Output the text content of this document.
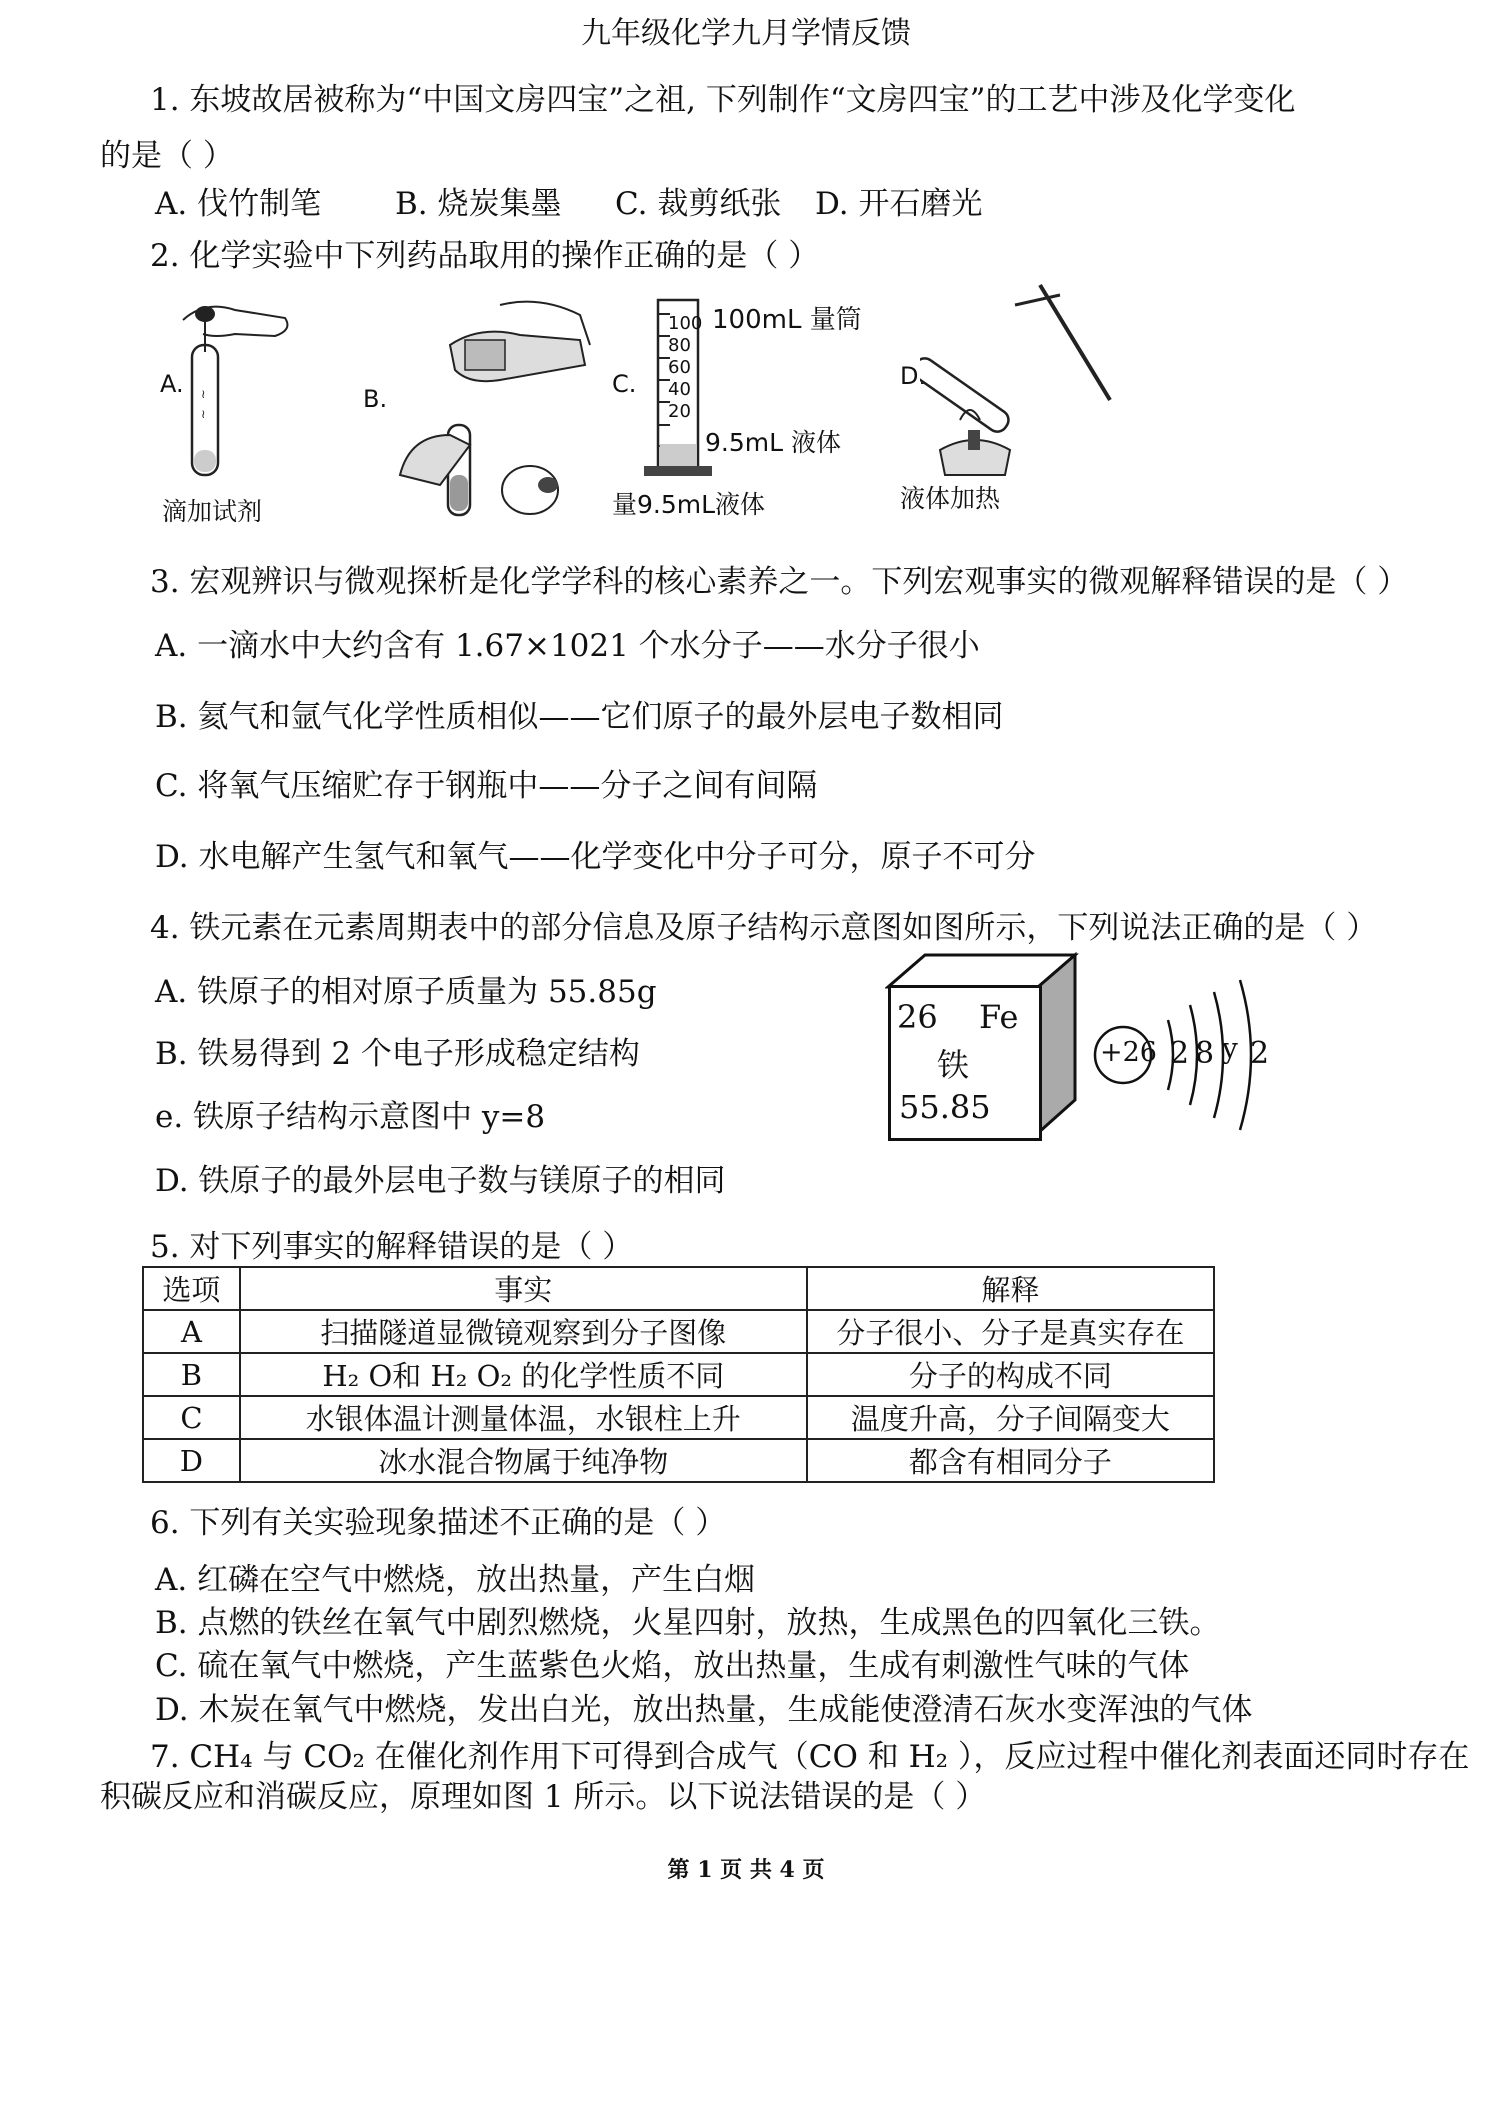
九年级化学九月学情反馈
1. 东坡故居被称为“中国文房四宝”之祖, 下列制作“文房四宝”的工艺中涉及化学变化
的是（ ）
A. 伐竹制笔 B. 烧炭集墨 C. 裁剪纸张 D. 开石磨光
2. 化学实验中下列药品取用的操作正确的是（ ）
A. ≀
≀
滴加试剂
B.
C.
100
80
60
40
20
100mL 量筒
9.5mL 液体
量9.5mL液体
D.
液体加热
3. 宏观辨识与微观探析是化学学科的核心素养之一。下列宏观事实的微观解释错误的是（ ）
A. 一滴水中大约含有 1.67×1021 个水分子——水分子很小
B. 氦气和氩气化学性质相似——它们原子的最外层电子数相同
C. 将氧气压缩贮存于钢瓶中——分子之间有间隔
D. 水电解产生氢气和氧气——化学变化中分子可分，原子不可分
4. 铁元素在元素周期表中的部分信息及原子结构示意图如图所示，下列说法正确的是（ ）
A. 铁原子的相对原子质量为 55.85g
B. 铁易得到 2 个电子形成稳定结构
e. 铁原子结构示意图中 y=8
D. 铁原子的最外层电子数与镁原子的相同
26 Fe
铁
55.85
+26 2 8 y 2
5. 对下列事实的解释错误的是（ ）
选项	事实	解释
A	扫描隧道显微镜观察到分子图像	分子很小、分子是真实存在
B	H₂ O和 H₂ O₂ 的化学性质不同	分子的构成不同
C	水银体温计测量体温，水银柱上升	温度升高，分子间隔变大
D	冰水混合物属于纯净物	都含有相同分子
6. 下列有关实验现象描述不正确的是（ ）
A. 红磷在空气中燃烧，放出热量，产生白烟
B. 点燃的铁丝在氧气中剧烈燃烧，火星四射，放热，生成黑色的四氧化三铁。
C. 硫在氧气中燃烧，产生蓝紫色火焰，放出热量，生成有刺激性气味的气体
D. 木炭在氧气中燃烧，发出白光，放出热量，生成能使澄清石灰水变浑浊的气体
7. CH₄ 与 CO₂ 在催化剂作用下可得到合成气（CO 和 H₂ ），反应过程中催化剂表面还同时存在
积碳反应和消碳反应，原理如图 1 所示。以下说法错误的是（ ）
第 1 页 共 4 页
